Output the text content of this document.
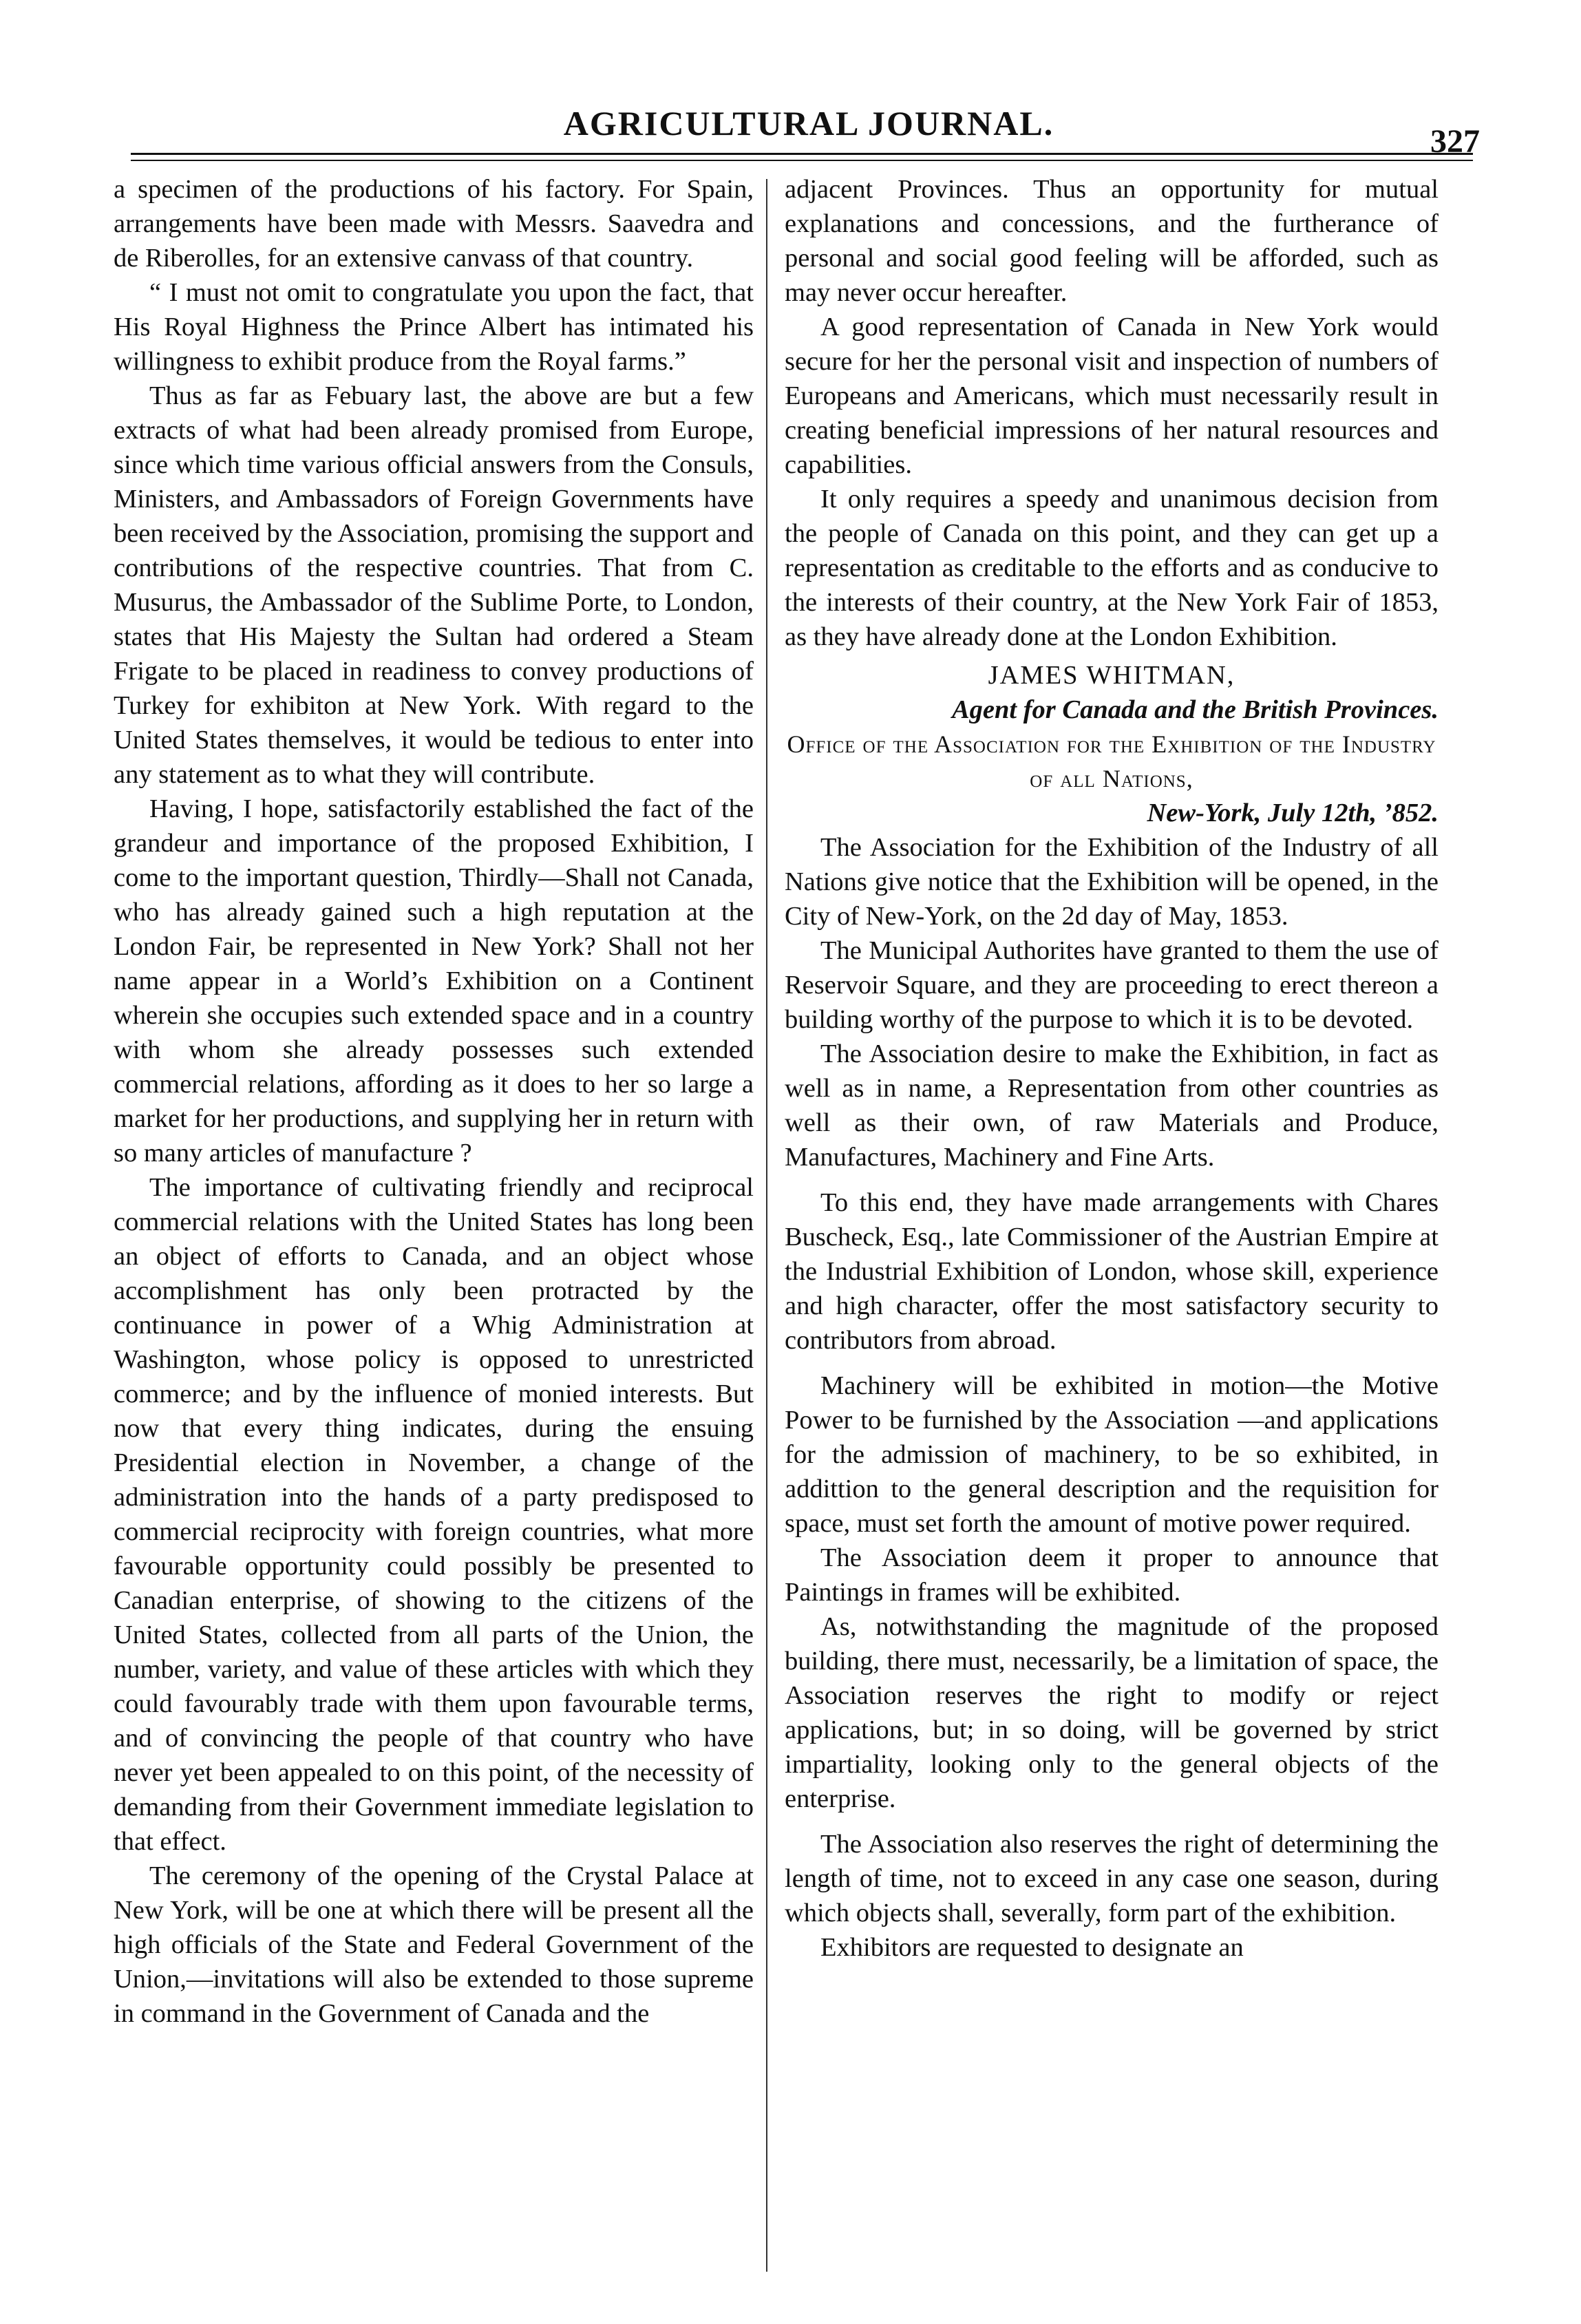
AGRICULTURAL JOURNAL.	327

a specimen of the productions of his factory. For Spain, arrangements have been made with Messrs. Saavedra and de Riberolles, for an extensive canvass of that country.

“ I must not omit to congratulate you upon the fact, that His Royal Highness the Prince Albert has intimated his willingness to exhibit produce from the Royal farms.”

Thus as far as Febuary last, the above are but a few extracts of what had been already promised from Europe, since which time various official answers from the Consuls, Ministers, and Ambassadors of Foreign Governments have been received by the Association, promising the support and contributions of the respective countries. That from C. Musurus, the Ambassador of the Sublime Porte, to London, states that His Majesty the Sultan had ordered a Steam Frigate to be placed in readiness to convey productions of Turkey for exhibiton at New York. With regard to the United States themselves, it would be tedious to enter into any statement as to what they will contribute.

Having, I hope, satisfactorily established the fact of the grandeur and importance of the proposed Exhibition, I come to the important question, Thirdly—Shall not Canada, who has already gained such a high reputation at the London Fair, be represented in New York? Shall not her name appear in a World’s Exhibition on a Continent wherein she occupies such extended space and in a country with whom she already possesses such extended commercial relations, affording as it does to her so large a market for her productions, and supplying her in return with so many articles of manufacture ?

The importance of cultivating friendly and reciprocal commercial relations with the United States has long been an object of efforts to Canada, and an object whose accomplishment has only been protracted by the continuance in power of a Whig Administration at Washington, whose policy is opposed to unrestricted commerce; and by the influence of monied interests. But now that every thing indicates, during the ensuing Presidential election in November, a change of the administration into the hands of a party predisposed to commercial reciprocity with foreign countries, what more favourable opportunity could possibly be presented to Canadian enterprise, of showing to the citizens of the United States, collected from all parts of the Union, the number, variety, and value of these articles with which they could favourably trade with them upon favourable terms, and of convincing the people of that country who have never yet been appealed to on this point, of the necessity of demanding from their Government immediate legislation to that effect.

The ceremony of the opening of the Crystal Palace at New York, will be one at which there will be present all the high officials of the State and Federal Government of the Union,—invitations will also be extended to those supreme in command in the Government of Canada and the

adjacent Provinces. Thus an opportunity for mutual explanations and concessions, and the furtherance of personal and social good feeling will be afforded, such as may never occur hereafter.

A good representation of Canada in New York would secure for her the personal visit and inspection of numbers of Europeans and Americans, which must necessarily result in creating beneficial impressions of her natural resources and capabilities.

It only requires a speedy and unanimous decision from the people of Canada on this point, and they can get up a representation as creditable to the efforts and as conducive to the interests of their country, at the New York Fair of 1853, as they have already done at the London Exhibition.

JAMES WHITMAN,

Agent for Canada and the British Provinces.

Office of the Association for the Exhibition of the Industry of all Nations,

New-York, July 12th, ’852.

The Association for the Exhibition of the Industry of all Nations give notice that the Exhibition will be opened, in the City of New-York, on the 2d day of May, 1853.

The Municipal Authorites have granted to them the use of Reservoir Square, and they are proceeding to erect thereon a building worthy of the purpose to which it is to be devoted.

The Association desire to make the Exhibition, in fact as well as in name, a Representation from other countries as well as their own, of raw Materials and Produce, Manufactures, Machinery and Fine Arts.

To this end, they have made arrangements with Chares Buscheck, Esq., late Commissioner of the Austrian Empire at the Industrial Exhibition of London, whose skill, experience and high character, offer the most satisfactory security to contributors from abroad.

Machinery will be exhibited in motion—the Motive Power to be furnished by the Association —and applications for the admission of machinery, to be so exhibited, in addittion to the general description and the requisition for space, must set forth the amount of motive power required.

The Association deem it proper to announce that Paintings in frames will be exhibited.

As, notwithstanding the magnitude of the proposed building, there must, necessarily, be a limitation of space, the Association reserves the right to modify or reject applications, but; in so doing, will be governed by strict impartiality, looking only to the general objects of the enterprise.

The Association also reserves the right of determining the length of time, not to exceed in any case one season, during which objects shall, severally, form part of the exhibition.

Exhibitors are requested to designate an
